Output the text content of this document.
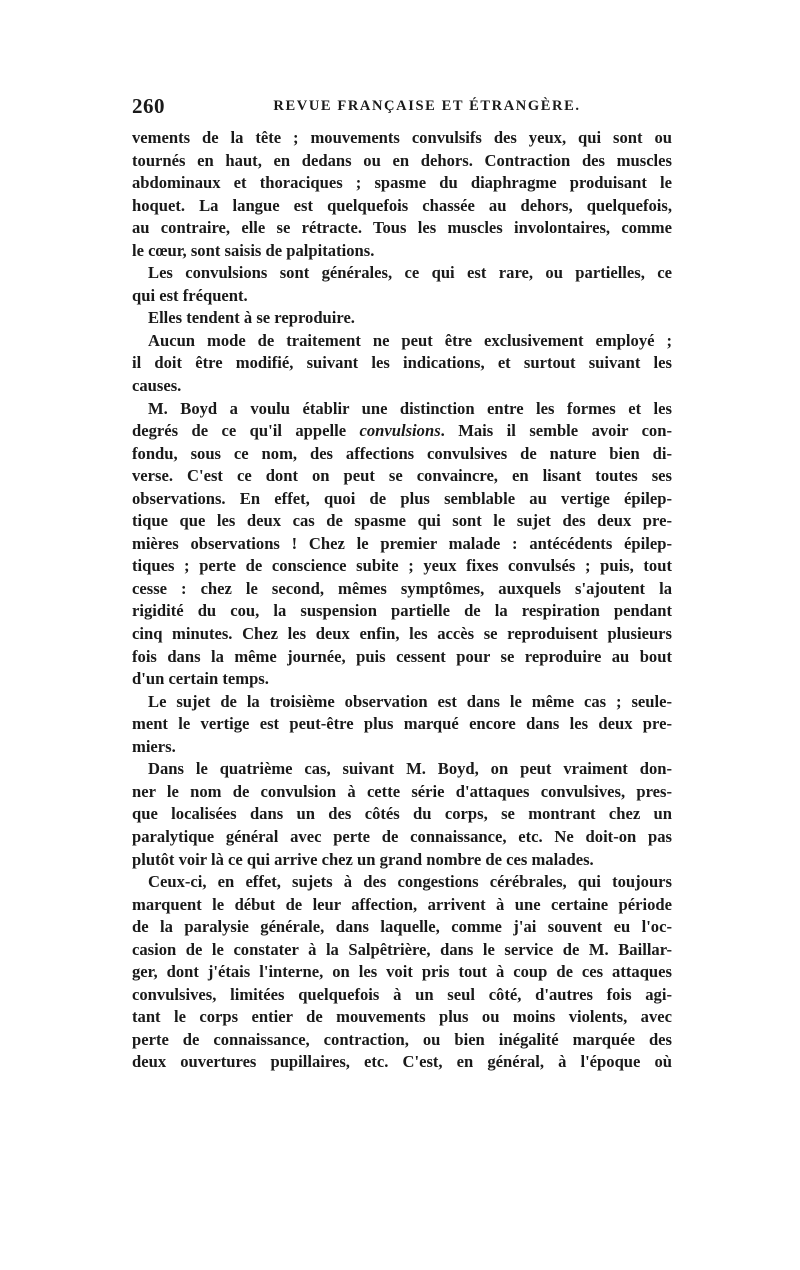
260	REVUE FRANÇAISE ET ÉTRANGÈRE.
vements de la tête ; mouvements convulsifs des yeux, qui sont ou
tournés en haut, en dedans ou en dehors. Contraction des muscles
abdominaux et thoraciques ; spasme du diaphragme produisant le
hoquet. La langue est quelquefois chassée au dehors, quelquefois,
au contraire, elle se rétracte. Tous les muscles involontaires, comme
le cœur, sont saisis de palpitations.
Les convulsions sont générales, ce qui est rare, ou partielles, ce
qui est fréquent.
Elles tendent à se reproduire.
Aucun mode de traitement ne peut être exclusivement employé ;
il doit être modifié, suivant les indications, et surtout suivant les
causes.
M. Boyd a voulu établir une distinction entre les formes et les
degrés de ce qu'il appelle convulsions. Mais il semble avoir con-
fondu, sous ce nom, des affections convulsives de nature bien di-
verse. C'est ce dont on peut se convaincre, en lisant toutes ses
observations. En effet, quoi de plus semblable au vertige épilep-
tique que les deux cas de spasme qui sont le sujet des deux pre-
mières observations ! Chez le premier malade : antécédents épilep-
tiques ; perte de conscience subite ; yeux fixes convulsés ; puis, tout
cesse : chez le second, mêmes symptômes, auxquels s'ajoutent la
rigidité du cou, la suspension partielle de la respiration pendant
cinq minutes. Chez les deux enfin, les accès se reproduisent plusieurs
fois dans la même journée, puis cessent pour se reproduire au bout
d'un certain temps.
Le sujet de la troisième observation est dans le même cas ; seule-
ment le vertige est peut-être plus marqué encore dans les deux pre-
miers.
Dans le quatrième cas, suivant M. Boyd, on peut vraiment don-
ner le nom de convulsion à cette série d'attaques convulsives, pres-
que localisées dans un des côtés du corps, se montrant chez un
paralytique général avec perte de connaissance, etc. Ne doit-on pas
plutôt voir là ce qui arrive chez un grand nombre de ces malades.
Ceux-ci, en effet, sujets à des congestions cérébrales, qui toujours
marquent le début de leur affection, arrivent à une certaine période
de la paralysie générale, dans laquelle, comme j'ai souvent eu l'oc-
casion de le constater à la Salpêtrière, dans le service de M. Baillar-
ger, dont j'étais l'interne, on les voit pris tout à coup de ces attaques
convulsives, limitées quelquefois à un seul côté, d'autres fois agi-
tant le corps entier de mouvements plus ou moins violents, avec
perte de connaissance, contraction, ou bien inégalité marquée des
deux ouvertures pupillaires, etc. C'est, en général, à l'époque où
